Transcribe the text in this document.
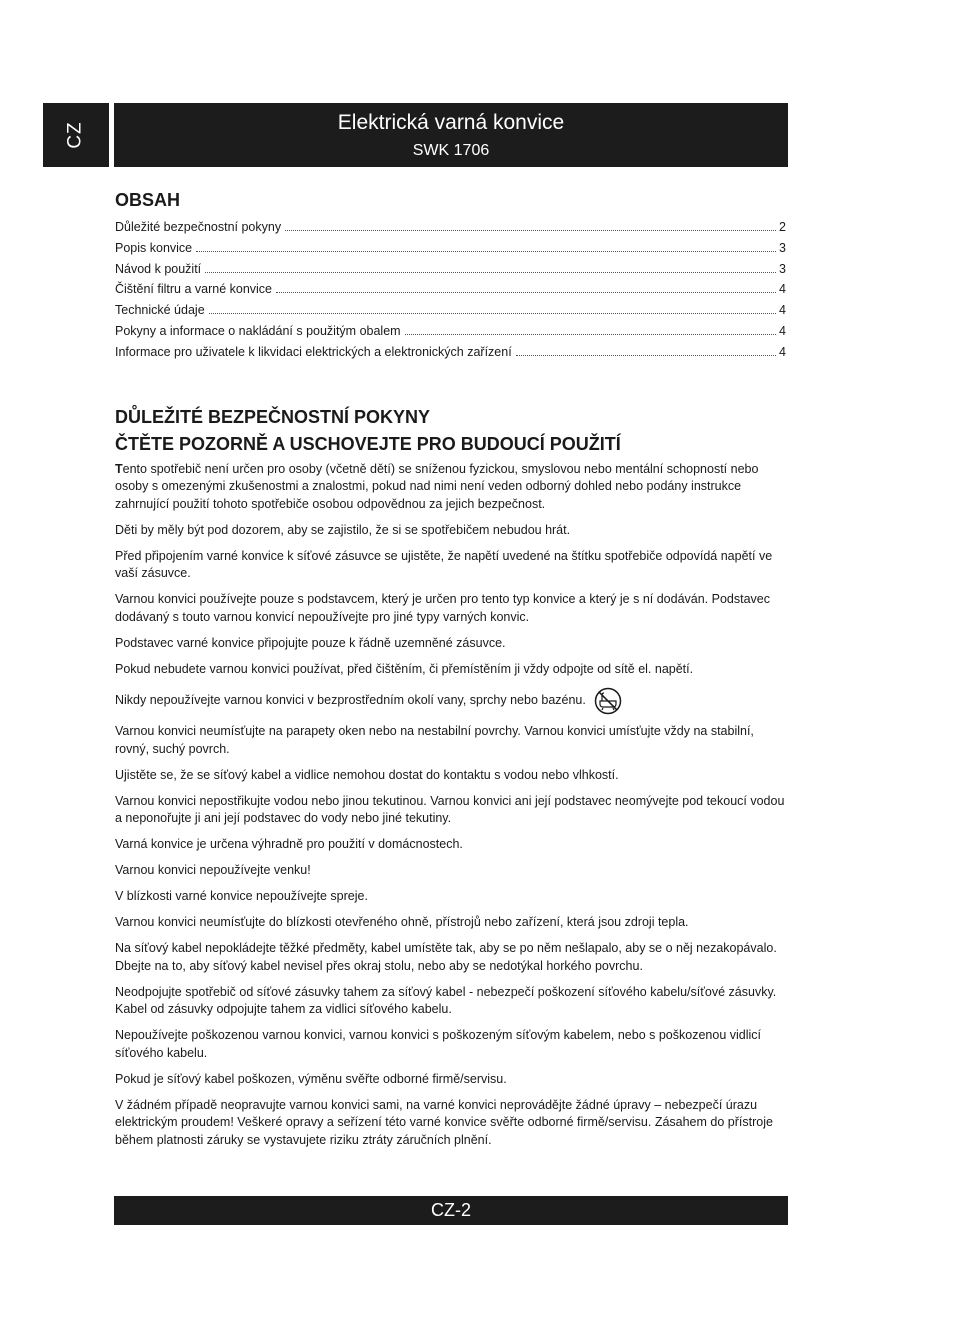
CZ	Elektrická varná konvice
SWK 1706
OBSAH
Důležité bezpečnostní pokyny	2
Popis konvice	3
Návod k použití	3
Čištění filtru a varné konvice	4
Technické údaje	4
Pokyny a informace o nakládání s použitým obalem	4
Informace pro uživatele k likvidaci elektrických a elektronických zařízení	4
DŮLEŽITÉ BEZPEČNOSTNÍ POKYNY
ČTĚTE POZORNĚ A USCHOVEJTE PRO BUDOUCÍ POUŽITÍ

Tento spotřebič není určen pro osoby (včetně dětí) se sníženou fyzickou, smyslovou nebo mentální schopností nebo osoby s omezenými zkušenostmi a znalostmi, pokud nad nimi není veden odborný dohled nebo podány instrukce zahrnující použití tohoto spotřebiče osobou odpovědnou za jejich bezpečnost.

Děti by měly být pod dozorem, aby se zajistilo, že si se spotřebičem nebudou hrát.

Před připojením varné konvice k síťové zásuvce se ujistěte, že napětí uvedené na štítku spotřebiče odpovídá napětí ve vaší zásuvce.

Varnou konvici používejte pouze s podstavcem, který je určen pro tento typ konvice a který je s ní dodáván. Podstavec dodávaný s touto varnou konvicí nepoužívejte pro jiné typy varných konvic.

Podstavec varné konvice připojujte pouze k řádně uzemněné zásuvce.

Pokud nebudete varnou konvici používat, před čištěním, či přemístěním ji vždy odpojte od sítě el. napětí.

Nikdy nepoužívejte varnou konvici v bezprostředním okolí vany, sprchy nebo bazénu.

Varnou konvici neumísťujte na parapety oken nebo na nestabilní povrchy. Varnou konvici umísťujte vždy na stabilní, rovný, suchý povrch.

Ujistěte se, že se síťový kabel a vidlice nemohou dostat do kontaktu s vodou nebo vlhkostí.

Varnou konvici nepostřikujte vodou nebo jinou tekutinou. Varnou konvici ani její podstavec neomývejte pod tekoucí vodou a neponořujte ji ani její podstavec do vody nebo jiné tekutiny.

Varná konvice je určena výhradně pro použití v domácnostech.

Varnou konvici nepoužívejte venku!

V blízkosti varné konvice nepoužívejte spreje.

Varnou konvici neumísťujte do blízkosti otevřeného ohně, přístrojů nebo zařízení, která jsou zdroji tepla.

Na síťový kabel nepokládejte těžké předměty, kabel umístěte tak, aby se po něm nešlapalo, aby se o něj nezakopávalo. Dbejte na to, aby síťový kabel nevisel přes okraj stolu, nebo aby se nedotýkal horkého povrchu.

Neodpojujte spotřebič od síťové zásuvky tahem za síťový kabel - nebezpečí poškození síťového kabelu/síťové zásuvky. Kabel od zásuvky odpojujte tahem za vidlici síťového kabelu.

Nepoužívejte poškozenou varnou konvici, varnou konvici s poškozeným síťovým kabelem, nebo s poškozenou vidlicí síťového kabelu.

Pokud je síťový kabel poškozen, výměnu svěřte odborné firmě/servisu.

V žádném případě neopravujte varnou konvici sami, na varné konvici neprovádějte žádné úpravy – nebezpečí úrazu elektrickým proudem! Veškeré opravy a seřízení této varné konvice svěřte odborné firmě/servisu. Zásahem do přístroje během platnosti záruky se vystavujete riziku ztráty záručních plnění.

CZ-2
